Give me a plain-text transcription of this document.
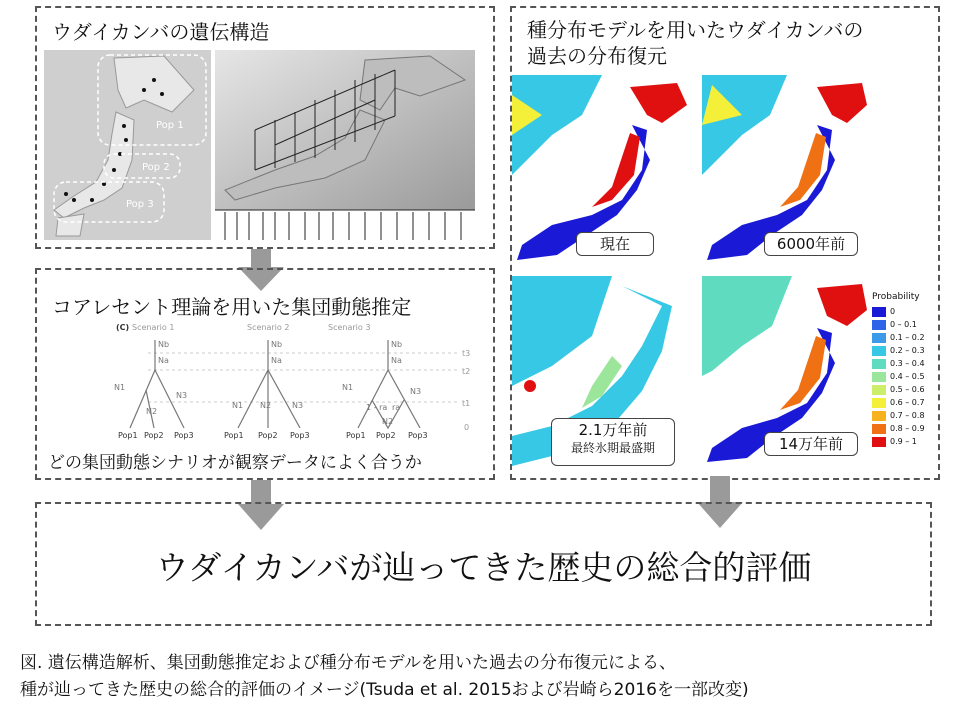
ウダイカンバの遺伝構造
Pop 1
Pop 2
Pop 3
コアレセント理論を用いた集団動態推定
(C) Scenario 1	Scenario 2	Scenario 3
t3
t2
t1
0
Nb
Na
N1
N2
N3
Nb
Na
N1 N2	N3
Nb
Na
N1	N3
1 - ra ra
N2
Pop1 Pop2 Pop3	Pop1 Pop2 Pop3	Pop1 Pop2 Pop3
どの集団動態シナリオが観察データによく合うか
種分布モデルを用いたウダイカンバの
過去の分布復元
現在	6000年前
2.1万年前
最終氷期最盛期	14万年前
Probability
0
0 – 0.1
0.1 – 0.2
0.2 – 0.3
0.3 – 0.4
0.4 – 0.5
0.5 – 0.6
0.6 – 0.7
0.7 – 0.8
0.8 – 0.9
0.9 – 1
ウダイカンバが辿ってきた歴史の総合的評価
図. 遺伝構造解析、集団動態推定および種分布モデルを用いた過去の分布復元による、
種が辿ってきた歴史の総合的評価のイメージ(Tsuda et al. 2015および岩崎ら2016を一部改変)
